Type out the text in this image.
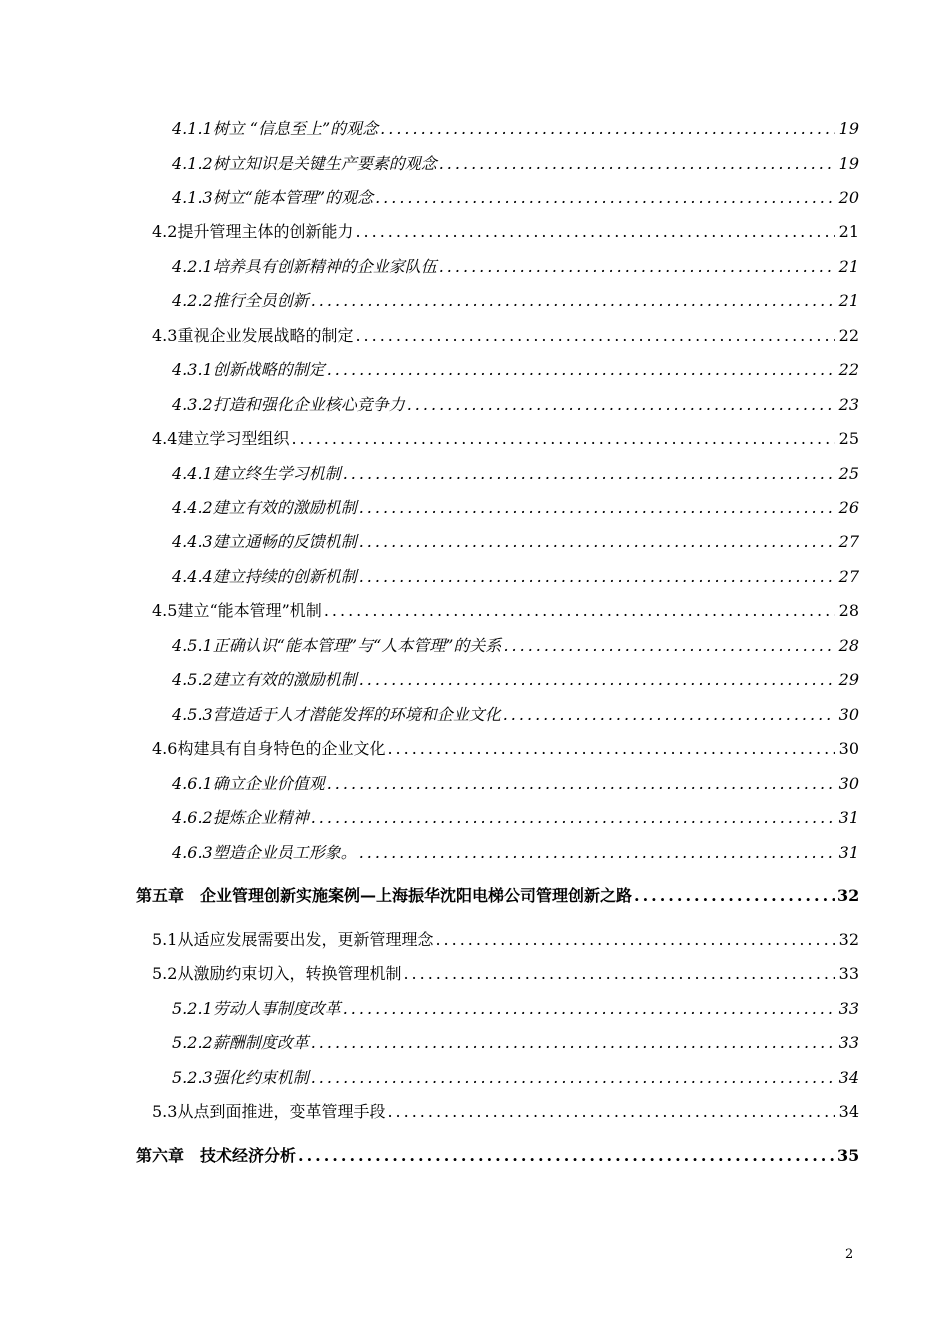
4.1.1树立 “信息至上”的观念 .....	19
4.1.2树立知识是关键生产要素的观念 .....	19
4.1.3树立“能本管理”的观念 .....	20
4.2提升管理主体的创新能力 .....	21
4.2.1培养具有创新精神的企业家队伍 .....	21
4.2.2推行全员创新 .....	21
4.3重视企业发展战略的制定 .....	22
4.3.1创新战略的制定 .....	22
4.3.2打造和强化企业核心竞争力 .....	23
4.4建立学习型组织 .....	25
4.4.1建立终生学习机制 .....	25
4.4.2建立有效的激励机制 .....	26
4.4.3建立通畅的反馈机制 .....	27
4.4.4建立持续的创新机制 .....	27
4.5建立“能本管理”机制 .....	28
4.5.1正确认识“能本管理”与“人本管理”的关系 .....	28
4.5.2建立有效的激励机制 .....	29
4.5.3营造适于人才潜能发挥的环境和企业文化 .....	30
4.6构建具有自身特色的企业文化 .....	30
4.6.1确立企业价值观 .....	30
4.6.2提炼企业精神 .....	31
4.6.3塑造企业员工形象。 .....	31
第五章　企业管理创新实施案例—上海振华沈阳电梯公司管理创新之路 .....	32
5.1从适应发展需要出发，更新管理理念 .....	32
5.2从激励约束切入，转换管理机制 .....	33
5.2.1劳动人事制度改革 .....	33
5.2.2薪酬制度改革 .....	33
5.2.3强化约束机制 .....	34
5.3从点到面推进，变革管理手段 .....	34
第六章　技术经济分析 .....	35
2
